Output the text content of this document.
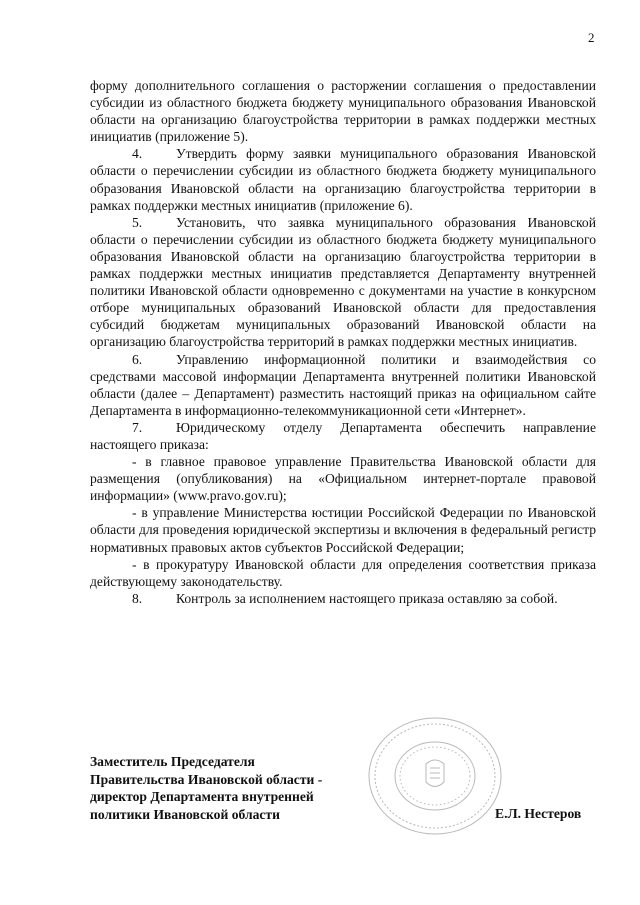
2

форму дополнительного соглашения о расторжении соглашения о предоставлении субсидии из областного бюджета бюджету муниципального образования Ивановской области на организацию благоустройства территории в рамках поддержки местных инициатив (приложение 5).

4. Утвердить форму заявки муниципального образования Ивановской области о перечислении субсидии из областного бюджета бюджету муниципального образования Ивановской области на организацию благоустройства территории в рамках поддержки местных инициатив (приложение 6).

5. Установить, что заявка муниципального образования Ивановской области о перечислении субсидии из областного бюджета бюджету муниципального образования Ивановской области на организацию благоустройства территории в рамках поддержки местных инициатив представляется Департаменту внутренней политики Ивановской области одновременно с документами на участие в конкурсном отборе муниципальных образований Ивановской области для предоставления субсидий бюджетам муниципальных образований Ивановской области на организацию благоустройства территорий в рамках поддержки местных инициатив.

6. Управлению информационной политики и взаимодействия со средствами массовой информации Департамента внутренней политики Ивановской области (далее – Департамент) разместить настоящий приказ на официальном сайте Департамента в информационно-телекоммуникационной сети «Интернет».

7. Юридическому отделу Департамента обеспечить направление настоящего приказа:

- в главное правовое управление Правительства Ивановской области для размещения (опубликования) на «Официальном интернет-портале правовой информации» (www.pravo.gov.ru);

- в управление Министерства юстиции Российской Федерации по Ивановской области для проведения юридической экспертизы и включения в федеральный регистр нормативных правовых актов субъектов Российской Федерации;

- в прокуратуру Ивановской области для определения соответствия приказа действующему законодательству.

8. Контроль за исполнением настоящего приказа оставляю за собой.

Заместитель Председателя
Правительства Ивановской области -
директор Департамента внутренней
политики Ивановской области	Е.Л. Нестеров
